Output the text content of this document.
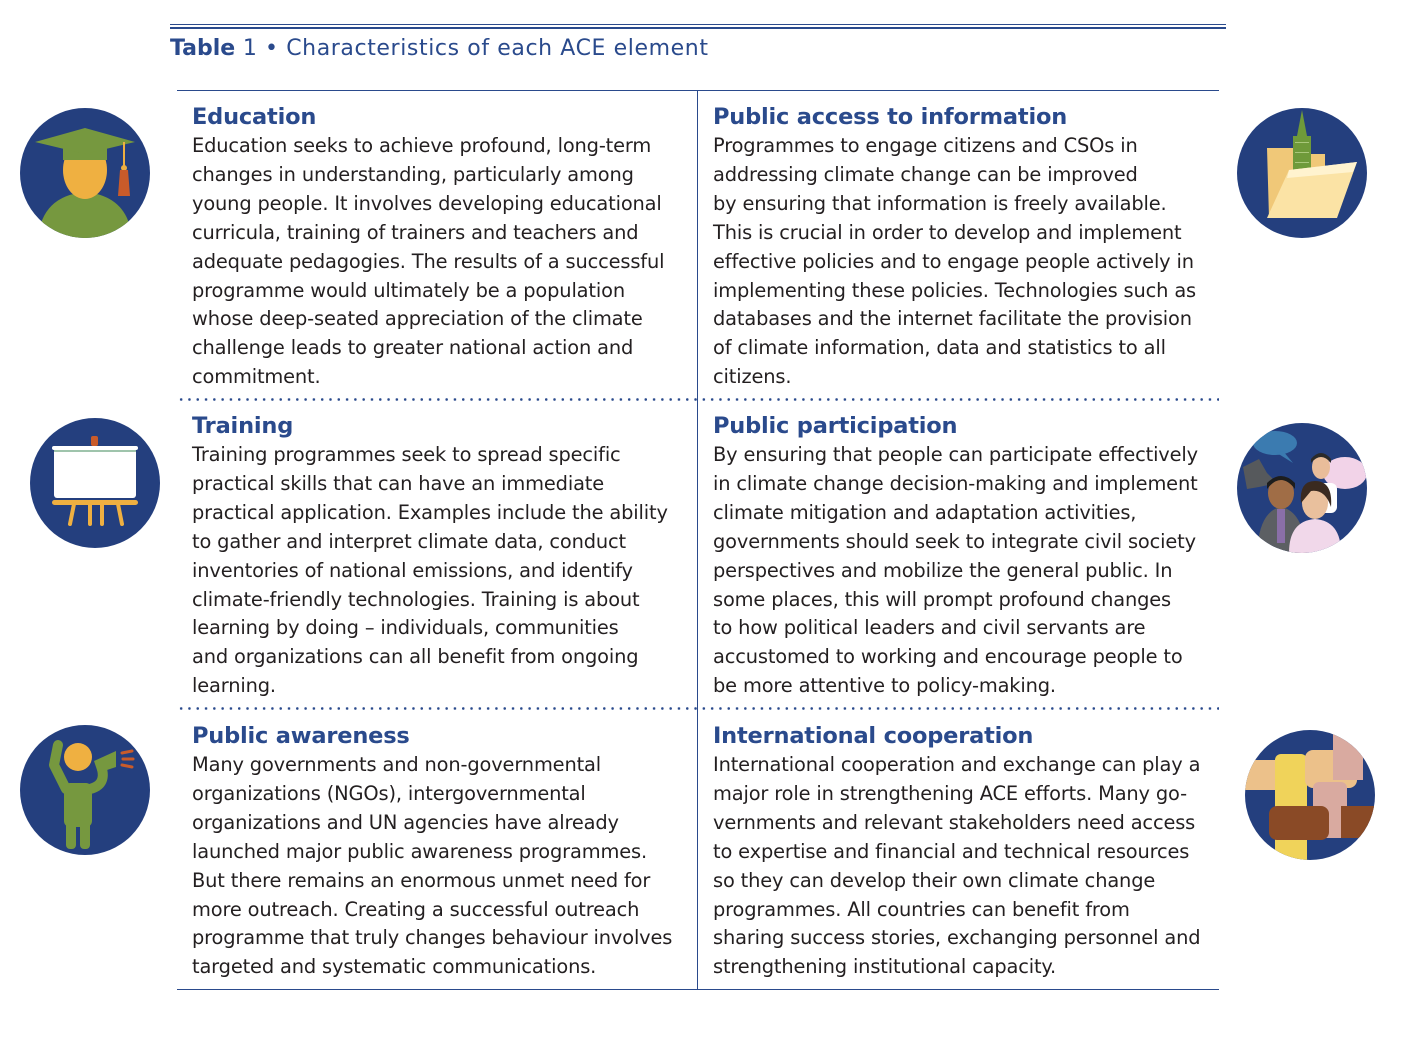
Table 1 • Characteristics of each ACE element
Education
Education seeks to achieve profound, long-term
changes in understanding, particularly among
young people. It involves developing educational
curricula, training of trainers and teachers and
adequate pedagogies. The results of a successful
programme would ultimately be a population
whose deep-seated appreciation of the climate
challenge leads to greater national action and
commitment.
Public access to information
Programmes to engage citizens and CSOs in
addressing climate change can be improved
by ensuring that information is freely available.
This is crucial in order to develop and implement
effective policies and to engage people actively in
implementing these policies. Technologies such as
databases and the internet facilitate the provision
of climate information, data and statistics to all
citizens.
Training
Training programmes seek to spread specific
practical skills that can have an immediate
practical application. Examples include the ability
to gather and interpret climate data, conduct
inventories of national emissions, and identify
climate-friendly technologies. Training is about
learning by doing – individuals, communities
and organizations can all benefit from ongoing
learning.
Public participation
By ensuring that people can participate effectively
in climate change decision-making and implement
climate mitigation and adaptation activities,
governments should seek to integrate civil society
perspectives and mobilize the general public. In
some places, this will prompt profound changes
to how political leaders and civil servants are
accustomed to working and encourage people to
be more attentive to policy-making.
Public awareness
Many governments and non-governmental
organizations (NGOs), intergovernmental
organizations and UN agencies have already
launched major public awareness programmes.
But there remains an enormous unmet need for
more outreach. Creating a successful outreach
programme that truly changes behaviour involves
targeted and systematic communications.
International cooperation
International cooperation and exchange can play a
major role in strengthening ACE efforts. Many go-
vernments and relevant stakeholders need access
to expertise and financial and technical resources
so they can develop their own climate change
programmes. All countries can benefit from
sharing success stories, exchanging personnel and
strengthening institutional capacity.
